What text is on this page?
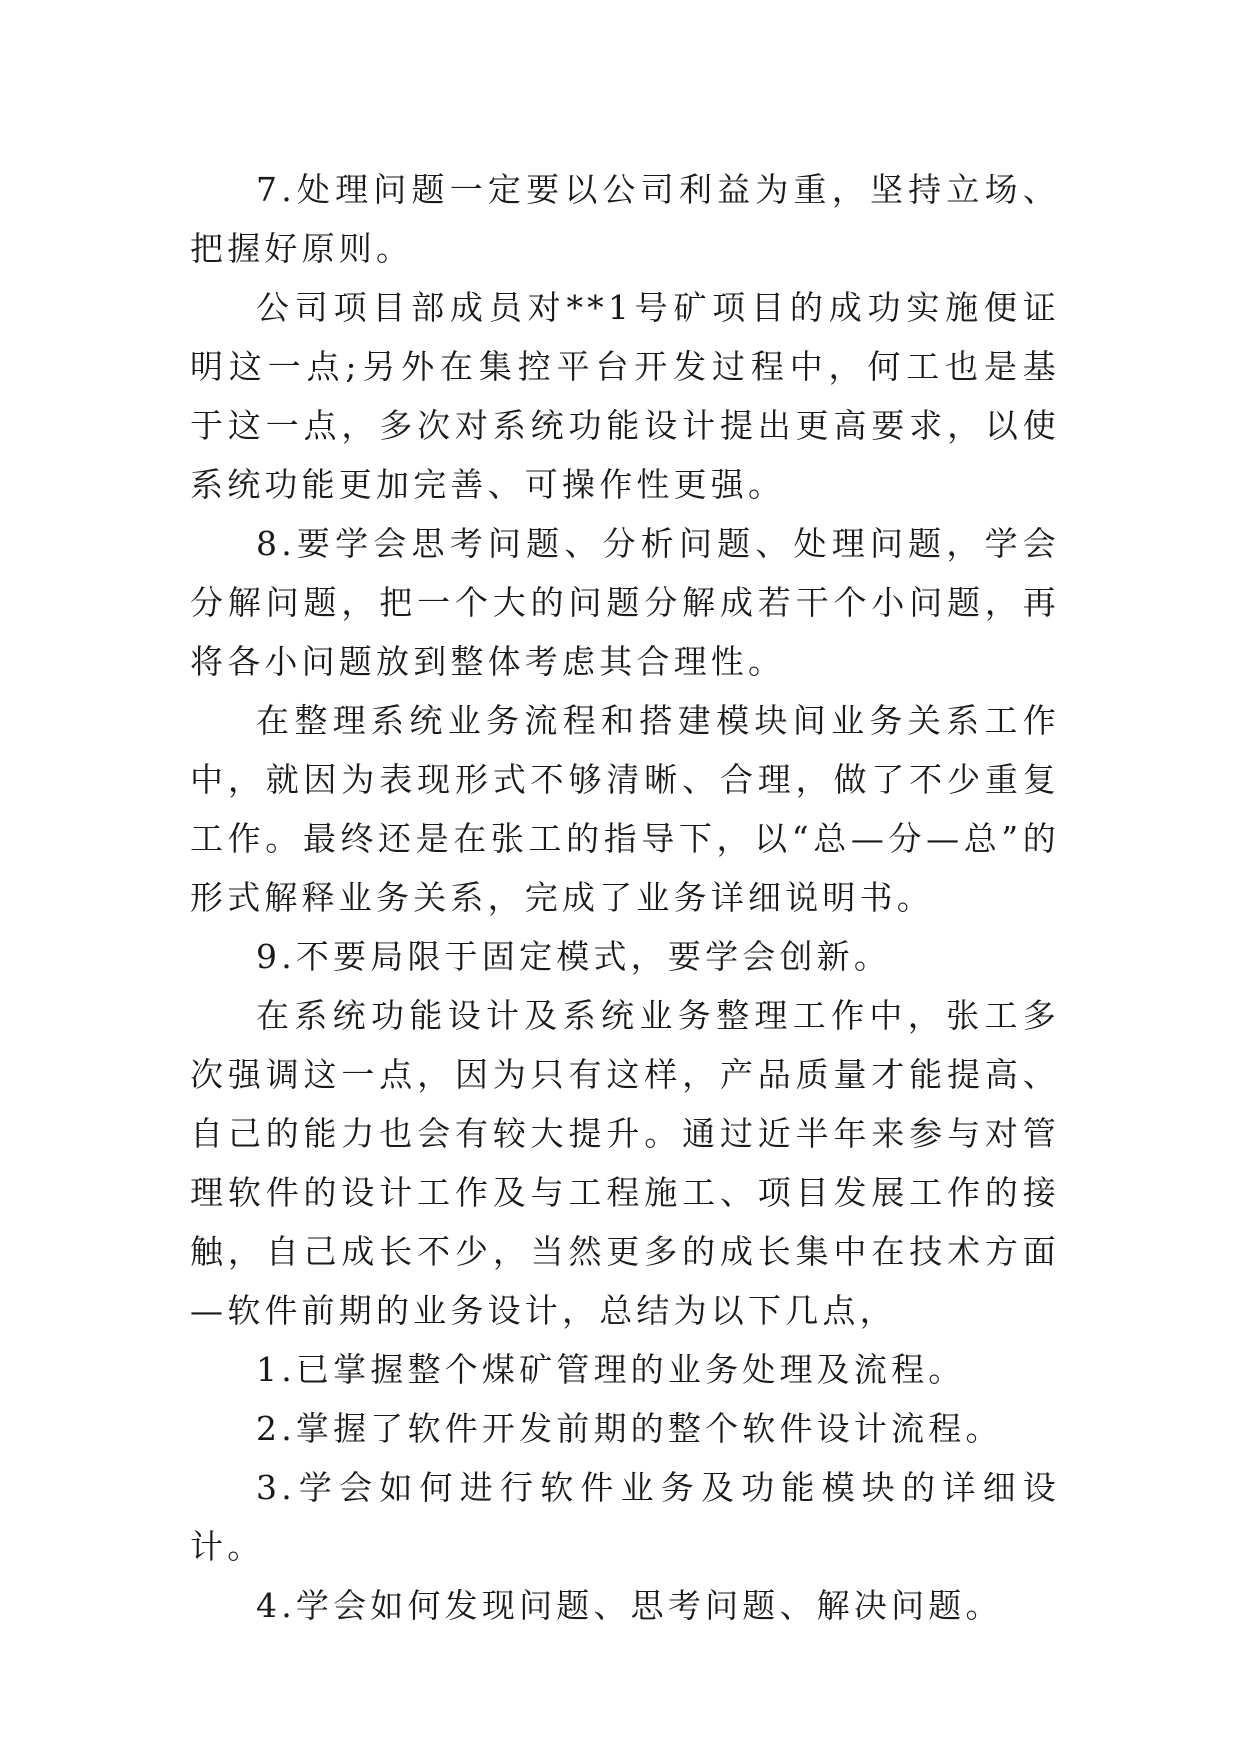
7.处理问题一定要以公司利益为重，坚持立场、把握好原则。

公司项目部成员对**1号矿项目的成功实施便证明这一点;另外在集控平台开发过程中，何工也是基于这一点，多次对系统功能设计提出更高要求，以使系统功能更加完善、可操作性更强。

8.要学会思考问题、分析问题、处理问题，学会分解问题，把一个大的问题分解成若干个小问题，再将各小问题放到整体考虑其合理性。

在整理系统业务流程和搭建模块间业务关系工作中，就因为表现形式不够清晰、合理，做了不少重复工作。最终还是在张工的指导下，以“总—分—总”的形式解释业务关系，完成了业务详细说明书。

9.不要局限于固定模式，要学会创新。

在系统功能设计及系统业务整理工作中，张工多次强调这一点，因为只有这样，产品质量才能提高、自己的能力也会有较大提升。通过近半年来参与对管理软件的设计工作及与工程施工、项目发展工作的接触，自己成长不少，当然更多的成长集中在技术方面—软件前期的业务设计，总结为以下几点，

1.已掌握整个煤矿管理的业务处理及流程。

2.掌握了软件开发前期的整个软件设计流程。

3.学会如何进行软件业务及功能模块的详细设计。

4.学会如何发现问题、思考问题、解决问题。
